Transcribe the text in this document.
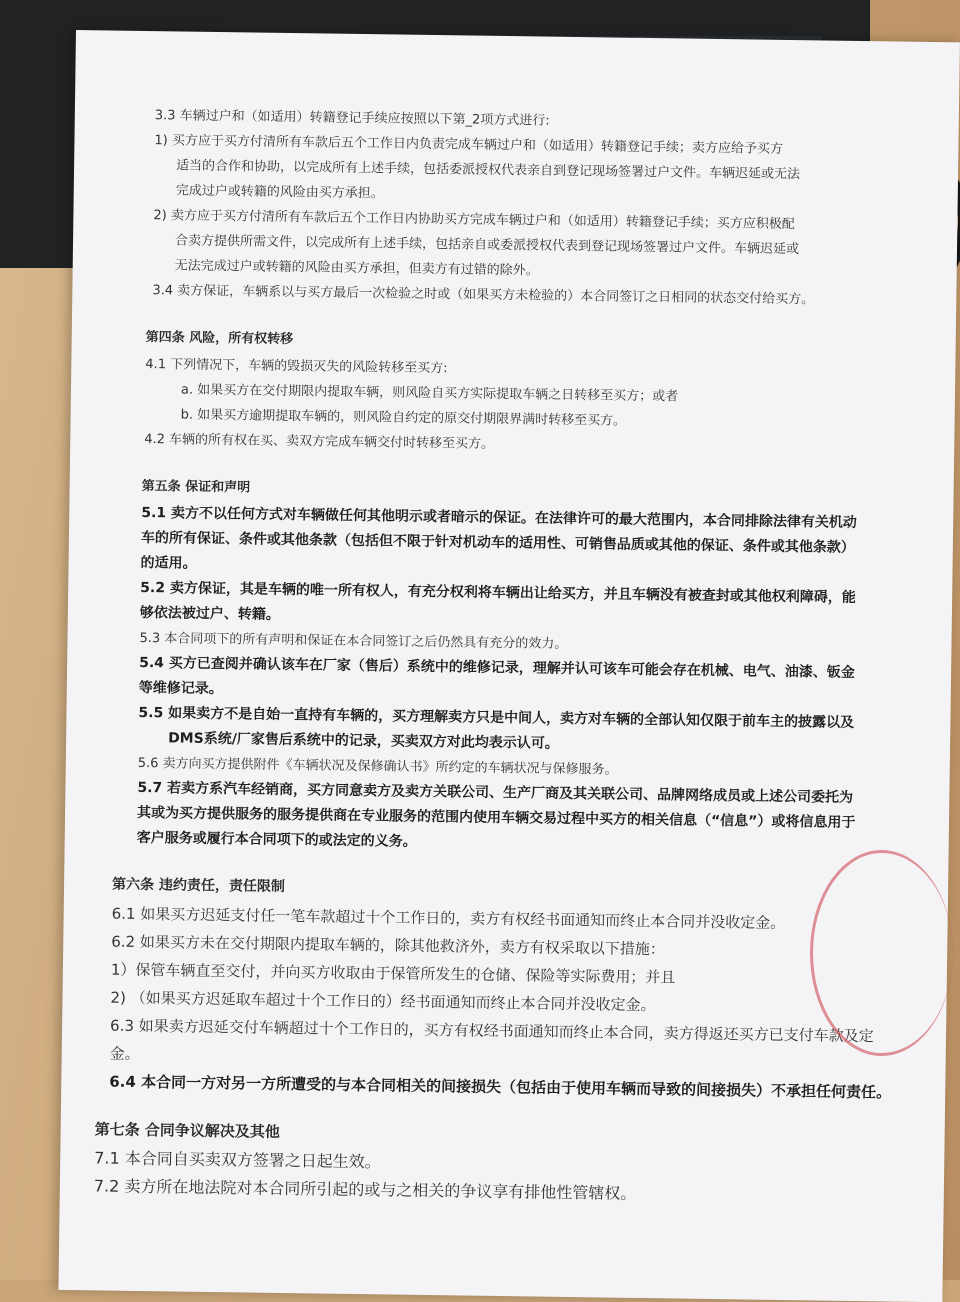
3.3 车辆过户和（如适用）转籍登记手续应按照以下第_2项方式进行:
1) 买方应于买方付清所有车款后五个工作日内负责完成车辆过户和（如适用）转籍登记手续；卖方应给予买方
适当的合作和协助，以完成所有上述手续，包括委派授权代表亲自到登记现场签署过户文件。车辆迟延或无法
完成过户或转籍的风险由买方承担。
2) 卖方应于买方付清所有车款后五个工作日内协助买方完成车辆过户和（如适用）转籍登记手续；买方应积极配
合卖方提供所需文件，以完成所有上述手续，包括亲自或委派授权代表到登记现场签署过户文件。车辆迟延或
无法完成过户或转籍的风险由买方承担，但卖方有过错的除外。
3.4 卖方保证，车辆系以与买方最后一次检验之时或（如果买方未检验的）本合同签订之日相同的状态交付给买方。
第四条 风险，所有权转移
4.1 下列情况下，车辆的毁损灭失的风险转移至买方:
a. 如果买方在交付期限内提取车辆，则风险自买方实际提取车辆之日转移至买方；或者
b. 如果买方逾期提取车辆的，则风险自约定的原交付期限界满时转移至买方。
4.2 车辆的所有权在买、卖双方完成车辆交付时转移至买方。
第五条 保证和声明
5.1 卖方不以任何方式对车辆做任何其他明示或者暗示的保证。在法律许可的最大范围内，本合同排除法律有关机动
车的所有保证、条件或其他条款（包括但不限于针对机动车的适用性、可销售品质或其他的保证、条件或其他条款）
的适用。
5.2 卖方保证，其是车辆的唯一所有权人，有充分权利将车辆出让给买方，并且车辆没有被查封或其他权利障碍，能
够依法被过户、转籍。
5.3 本合同项下的所有声明和保证在本合同签订之后仍然具有充分的效力。
5.4 买方已查阅并确认该车在厂家（售后）系统中的维修记录，理解并认可该车可能会存在机械、电气、油漆、钣金
等维修记录。
5.5 如果卖方不是自始一直持有车辆的，买方理解卖方只是中间人，卖方对车辆的全部认知仅限于前车主的披露以及
DMS系统/厂家售后系统中的记录，买卖双方对此均表示认可。
5.6 卖方向买方提供附件《车辆状况及保修确认书》所约定的车辆状况与保修服务。
5.7 若卖方系汽车经销商，买方同意卖方及卖方关联公司、生产厂商及其关联公司、品牌网络成员或上述公司委托为
其或为买方提供服务的服务提供商在专业服务的范围内使用车辆交易过程中买方的相关信息（“信息”）或将信息用于
客户服务或履行本合同项下的或法定的义务。
第六条 违约责任，责任限制
6.1 如果买方迟延支付任一笔车款超过十个工作日的，卖方有权经书面通知而终止本合同并没收定金。
6.2 如果买方未在交付期限内提取车辆的，除其他救济外，卖方有权采取以下措施：
1）保管车辆直至交付，并向买方收取由于保管所发生的仓储、保险等实际费用；并且
2) （如果买方迟延取车超过十个工作日的）经书面通知而终止本合同并没收定金。
6.3 如果卖方迟延交付车辆超过十个工作日的，买方有权经书面通知而终止本合同，卖方得返还买方已支付车款及定
金。
6.4 本合同一方对另一方所遭受的与本合同相关的间接损失（包括由于使用车辆而导致的间接损失）不承担任何责任。
第七条 合同争议解决及其他
7.1 本合同自买卖双方签署之日起生效。
7.2 卖方所在地法院对本合同所引起的或与之相关的争议享有排他性管辖权。
